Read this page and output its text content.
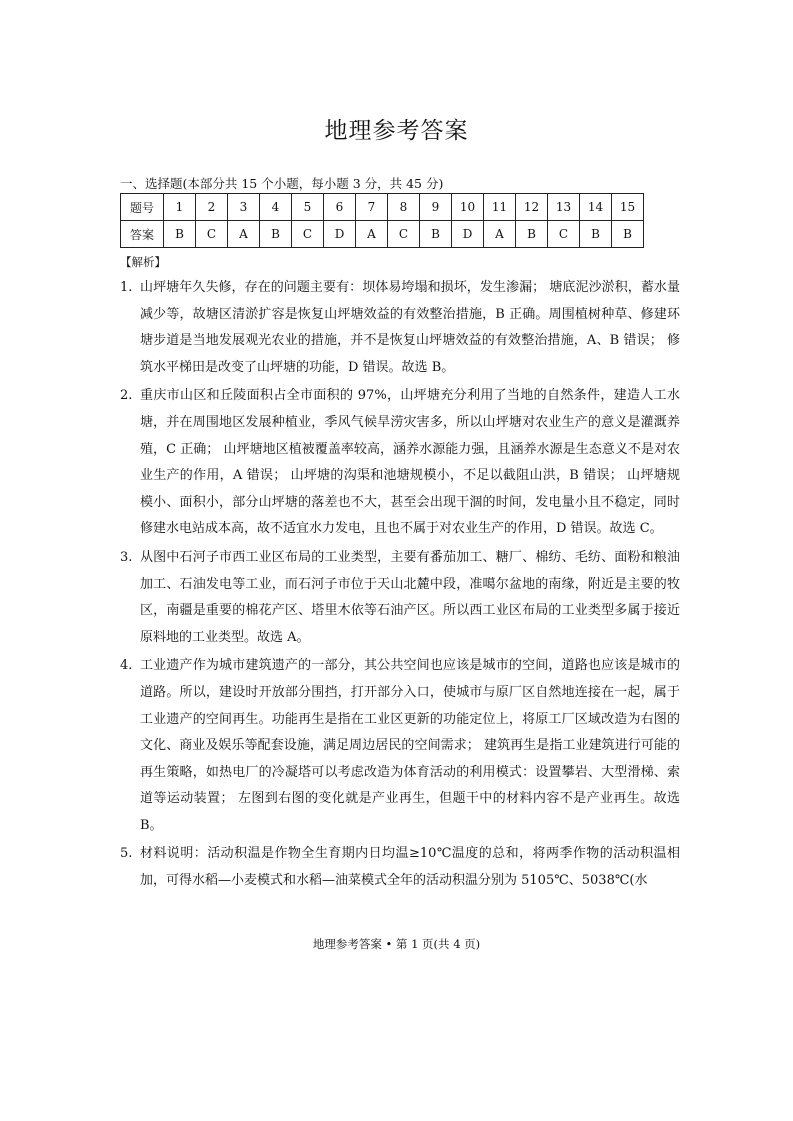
地理参考答案
一、选择题(本部分共 15 个小题，每小题 3 分，共 45 分)
题号	1	2	3	4	5	6	7	8	9	10	11	12	13	14	15
答案	B	C	A	B	C	D	A	C	B	D	A	B	C	B	B
【解析】
1. 山坪塘年久失修，存在的问题主要有：坝体易垮塌和损坏，发生渗漏； 塘底泥沙淤积，蓄水量减少等，故塘区清淤扩容是恢复山坪塘效益的有效整治措施，B 正确。周围植树种草、修建环塘步道是当地发展观光农业的措施，并不是恢复山坪塘效益的有效整治措施，A、B 错误； 修筑水平梯田是改变了山坪塘的功能，D 错误。故选 B。
2. 重庆市山区和丘陵面积占全市面积的 97%，山坪塘充分利用了当地的自然条件，建造人工水塘，并在周围地区发展种植业，季风气候旱涝灾害多，所以山坪塘对农业生产的意义是灌溉养殖，C 正确； 山坪塘地区植被覆盖率较高，涵养水源能力强，且涵养水源是生态意义不是对农业生产的作用，A 错误； 山坪塘的沟渠和池塘规模小，不足以截阻山洪，B 错误； 山坪塘规模小、面积小，部分山坪塘的落差也不大，甚至会出现干涸的时间，发电量小且不稳定，同时修建水电站成本高，故不适宜水力发电，且也不属于对农业生产的作用，D 错误。故选 C。
3. 从图中石河子市西工业区布局的工业类型，主要有番茄加工、糖厂、棉纺、毛纺、面粉和粮油加工、石油发电等工业，而石河子市位于天山北麓中段，准噶尔盆地的南缘，附近是主要的牧区，南疆是重要的棉花产区、塔里木依等石油产区。所以西工业区布局的工业类型多属于接近原料地的工业类型。故选 A。
4. 工业遗产作为城市建筑遗产的一部分，其公共空间也应该是城市的空间，道路也应该是城市的道路。所以，建设时开放部分围挡，打开部分入口，使城市与原厂区自然地连接在一起，属于工业遗产的空间再生。功能再生是指在工业区更新的功能定位上，将原工厂区域改造为右图的文化、商业及娱乐等配套设施，满足周边居民的空间需求； 建筑再生是指工业建筑进行可能的再生策略，如热电厂的冷凝塔可以考虑改造为体育活动的利用模式：设置攀岩、大型滑梯、索道等运动装置； 左图到右图的变化就是产业再生，但题干中的材料内容不是产业再生。故选 B。
5. 材料说明：活动积温是作物全生育期内日均温≥10℃温度的总和，将两季作物的活动积温相加，可得水稻—小麦模式和水稻—油菜模式全年的活动积温分别为 5105℃、5038℃(水
地理参考答案 • 第 1 页(共 4 页)
